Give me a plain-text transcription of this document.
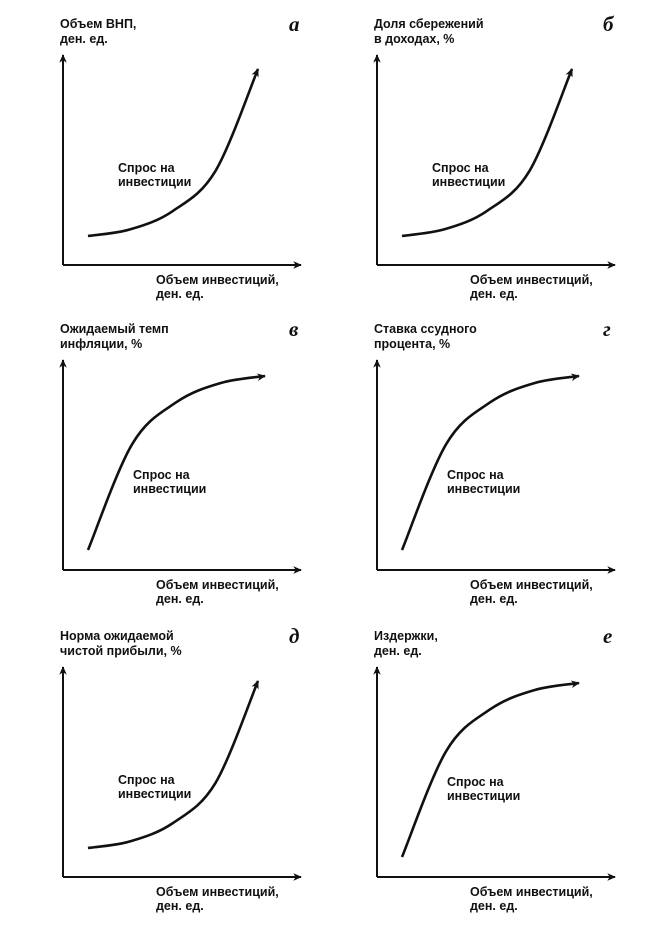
Объем ВНП,
ден. ед.
а
Объем инвестиций,
ден. ед.
Спрос на
инвестиции
Доля сбережений
в доходах, %
б
Объем инвестиций,
ден. ед.
Спрос на
инвестиции
Ожидаемый темп
инфляции, %
в
Объем инвестиций,
ден. ед.
Спрос на
инвестиции
Ставка ссудного
процента, %
г
Объем инвестиций,
ден. ед.
Спрос на
инвестиции
Норма ожидаемой
чистой прибыли, %
д
Объем инвестиций,
ден. ед.
Спрос на
инвестиции
Издержки,
ден. ед.
е
Объем инвестиций,
ден. ед.
Спрос на
инвестиции
